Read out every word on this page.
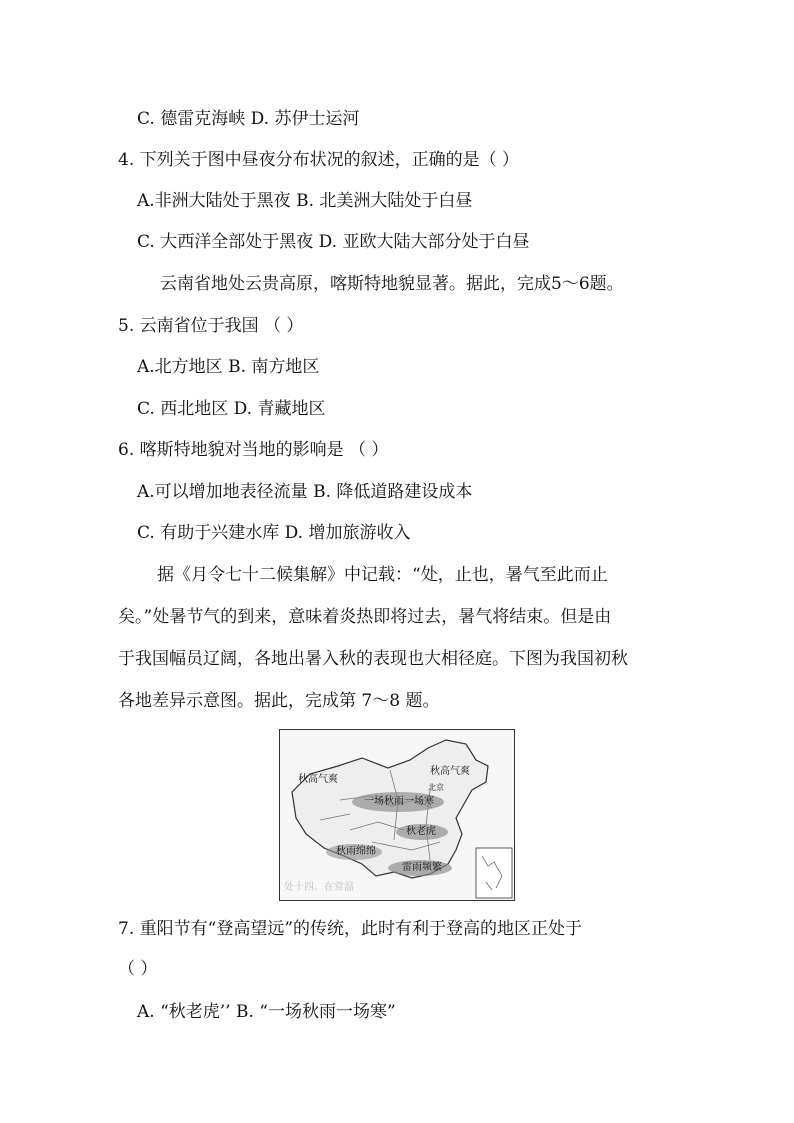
C. 德雷克海峡 D. 苏伊士运河
4. 下列关于图中昼夜分布状况的叙述，正确的是（ ）
A.非洲大陆处于黑夜 B. 北美洲大陆处于白昼
C. 大西洋全部处于黑夜 D. 亚欧大陆大部分处于白昼
云南省地处云贵高原，喀斯特地貌显著。据此，完成5～6题。
5. 云南省位于我国 （ ）
A.北方地区 B. 南方地区
C. 西北地区 D. 青藏地区
6. 喀斯特地貌对当地的影响是 （ ）
A.可以增加地表径流量 B. 降低道路建设成本
C. 有助于兴建水库 D. 增加旅游收入
据《月令七十二候集解》中记载：“处，止也，暑气至此而止
矣。”处暑节气的到来，意味着炎热即将过去，暑气将结束。但是由
于我国幅员辽阔，各地出暑入秋的表现也大相径庭。下图为我国初秋
各地差异示意图。据此，完成第 7～8 题。
秋高气爽
北京
秋高气爽
一场秋雨一场寒
秋老虎
秋雨绵绵
雷雨频繁
处十四、在常温
7. 重阳节有“登高望远”的传统，此时有利于登高的地区正处于
（ ）
A. “秋老虎’’ B. “一场秋雨一场寒”
